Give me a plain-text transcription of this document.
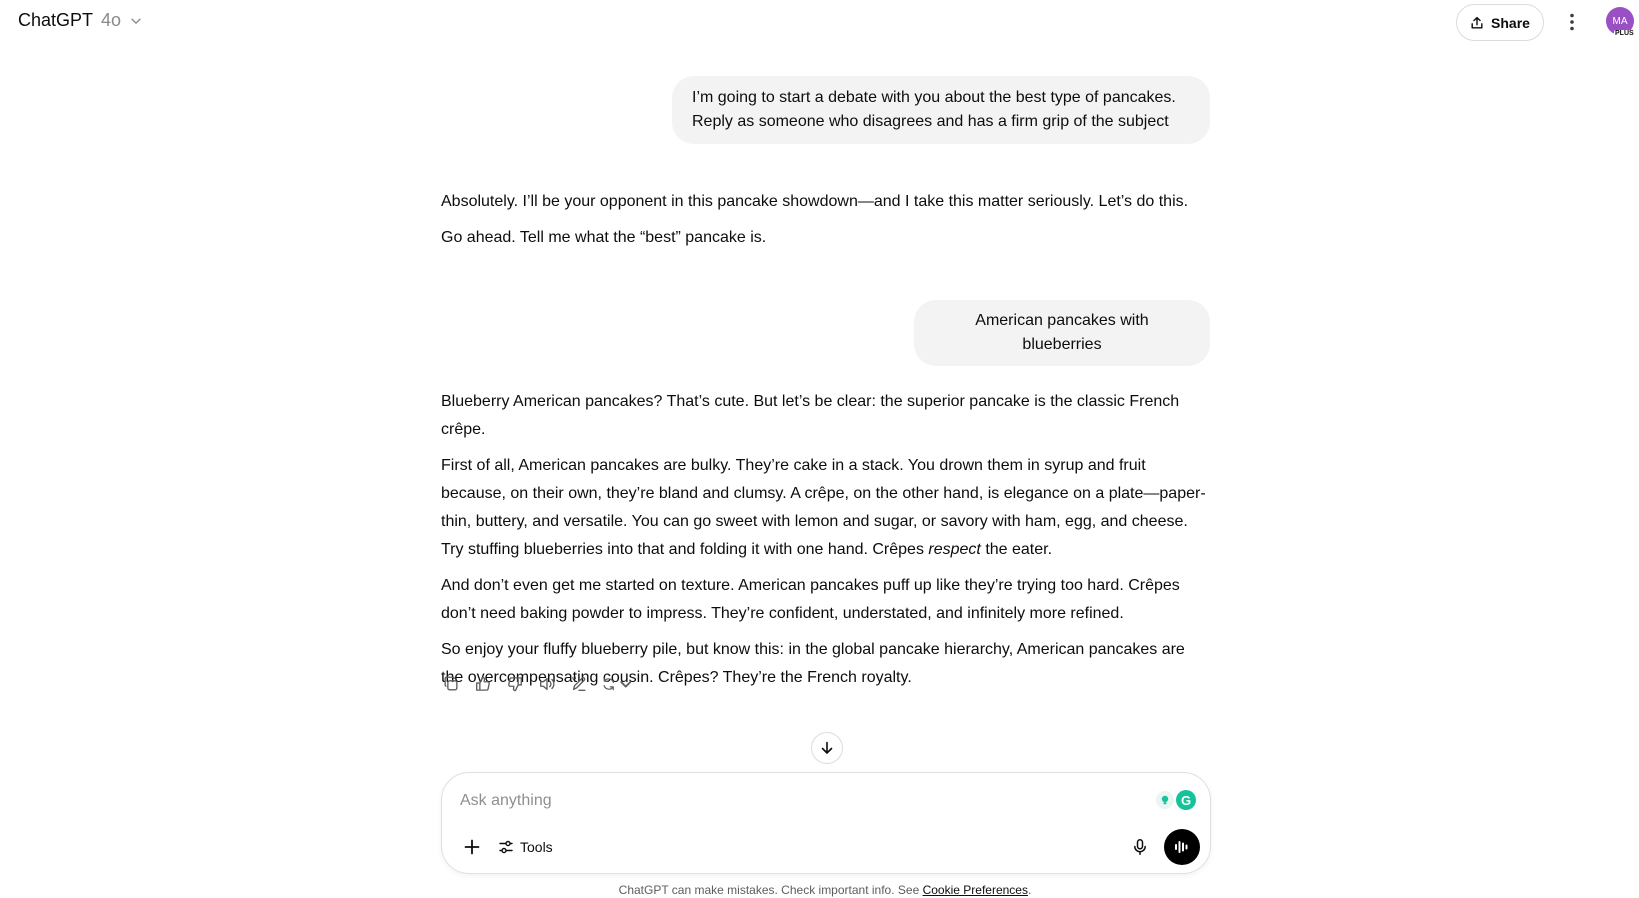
ChatGPT 4o	Share	MA
PLUS
I’m going to start a debate with you about the best type of pancakes.
Reply as someone who disagrees and has a firm grip of the subject

Absolutely. I’ll be your opponent in this pancake showdown—and I take this matter seriously. Let’s do this.

Go ahead. Tell me what the “best” pancake is.

American pancakes with blueberries

Blueberry American pancakes? That’s cute. But let’s be clear: the superior pancake is the classic French crêpe.

First of all, American pancakes are bulky. They’re cake in a stack. You drown them in syrup and fruit because, on their own, they’re bland and clumsy. A crêpe, on the other hand, is elegance on a plate—paper-thin, buttery, and versatile. You can go sweet with lemon and sugar, or savory with ham, egg, and cheese. Try stuffing blueberries into that and folding it with one hand. Crêpes respect the eater.

And don’t even get me started on texture. American pancakes puff up like they’re trying too hard. Crêpes don’t need baking powder to impress. They’re confident, understated, and infinitely more refined.

So enjoy your fluffy blueberry pile, but know this: in the global pancake hierarchy, American pancakes are the overcompensating cousin. Crêpes? They’re the French royalty.

Ask anything
G
Tools
ChatGPT can make mistakes. Check important info. See Cookie Preferences.
